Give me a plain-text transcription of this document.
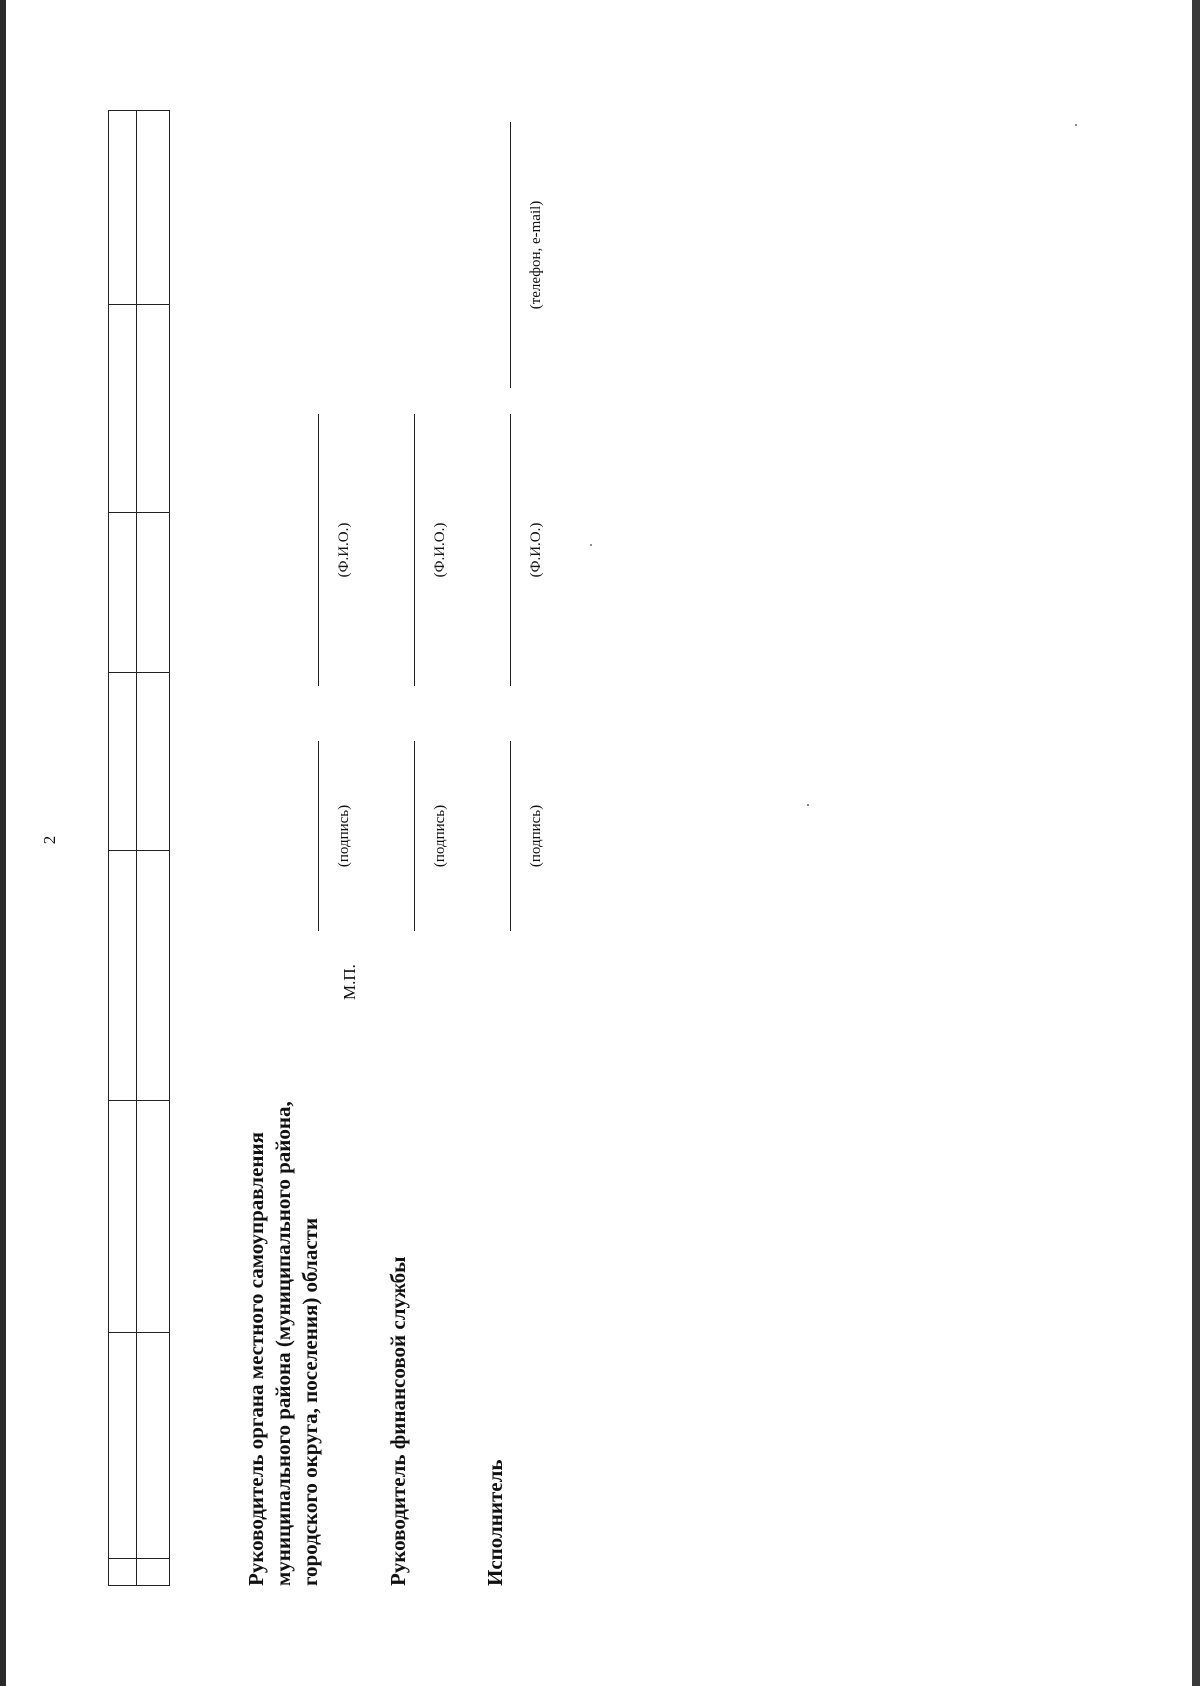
2

Руководитель органа местного самоуправления муниципального района (муниципального района, городского округа, поселения) области

М.П.
(подпись)
(Ф.И.О.)

Руководитель финансовой службы

(подпись)
(Ф.И.О.)

Исполнитель

(подпись)
(Ф.И.О.)
(телефон, e-mail)
